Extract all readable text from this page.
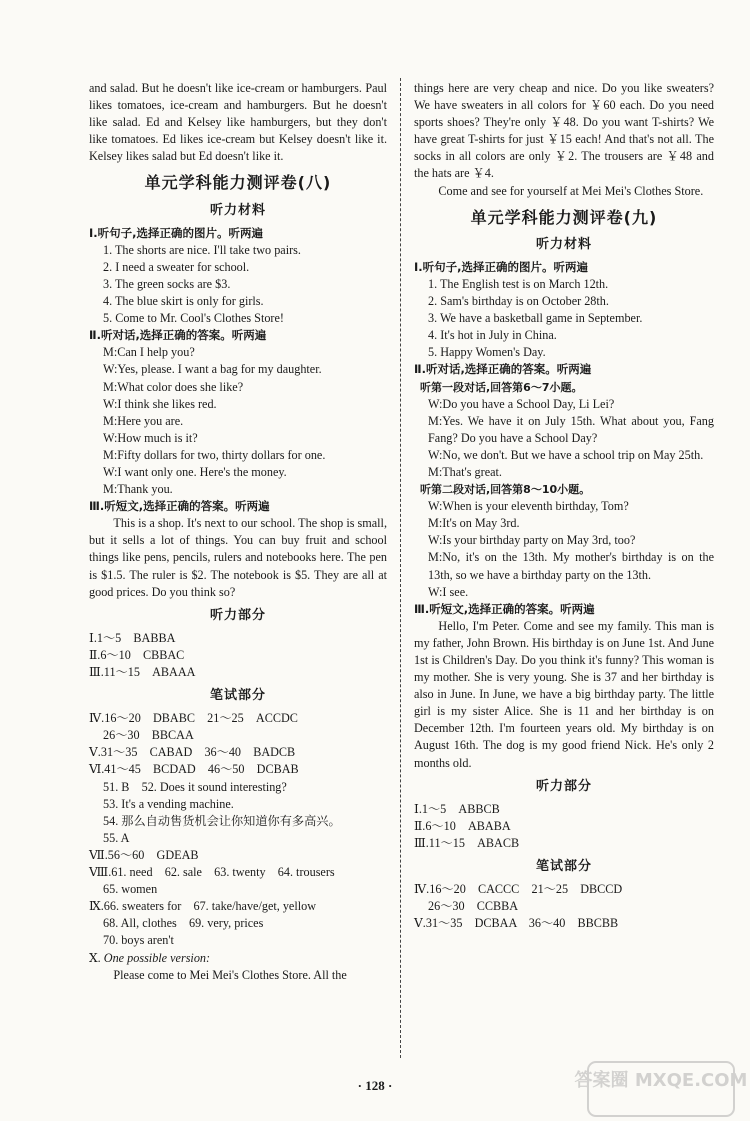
and salad. But he doesn't like ice-cream or hamburgers. Paul likes tomatoes, ice-cream and hamburgers. But he doesn't like salad. Ed and Kelsey like hamburgers, but they don't like tomatoes. Ed likes ice-cream but Kelsey doesn't like it. Kelsey likes salad but Ed doesn't like it.

单元学科能力测评卷(八)
听力材料
Ⅰ.听句子,选择正确的图片。听两遍
1. The shorts are nice. I'll take two pairs.
2. I need a sweater for school.
3. The green socks are $3.
4. The blue skirt is only for girls.
5. Come to Mr. Cool's Clothes Store!
Ⅱ.听对话,选择正确的答案。听两遍
M:Can I help you?
W:Yes, please. I want a bag for my daughter.
M:What color does she like?
W:I think she likes red.
M:Here you are.
W:How much is it?
M:Fifty dollars for two, thirty dollars for one.
W:I want only one. Here's the money.
M:Thank you.
Ⅲ.听短文,选择正确的答案。听两遍

This is a shop. It's next to our school. The shop is small, but it sells a lot of things. You can buy fruit and school things like pens, pencils, rulers and notebooks here. The pen is $1.5. The ruler is $2. The notebook is $5. They are all at good prices. Do you think so?

听力部分
Ⅰ.1～5　BABBA
Ⅱ.6～10　CBBAC
Ⅲ.11～15　ABAAA
笔试部分
Ⅳ.16～20　DBABC　21～25　ACCDC
26～30　BBCAA
Ⅴ.31～35　CABAD　36～40　BADCB
Ⅵ.41～45　BCDAD　46～50　DCBAB
51. B　52. Does it sound interesting?
53. It's a vending machine.
54. 那么自动售货机会让你知道你有多高兴。
55. A
Ⅶ.56～60　GDEAB
Ⅷ.61. need　62. sale　63. twenty　64. trousers
65. women
Ⅸ.66. sweaters for　67. take/have/get, yellow
68. All, clothes　69. very, prices
70. boys aren't
Ⅹ. One possible version:

Please come to Mei Mei's Clothes Store. All the

things here are very cheap and nice. Do you like sweaters? We have sweaters in all colors for ￥60 each. Do you need sports shoes? They're only ￥48. Do you want T-shirts? We have great T-shirts for just ￥15 each! And that's not all. The socks in all colors are only ￥2. The trousers are ￥48 and the hats are ￥4.

Come and see for yourself at Mei Mei's Clothes Store.

单元学科能力测评卷(九)
听力材料
Ⅰ.听句子,选择正确的图片。听两遍
1. The English test is on March 12th.
2. Sam's birthday is on October 28th.
3. We have a basketball game in September.
4. It's hot in July in China.
5. Happy Women's Day.
Ⅱ.听对话,选择正确的答案。听两遍
听第一段对话,回答第6～7小题。
W:Do you have a School Day, Li Lei?
M:Yes. We have it on July 15th. What about you, Fang Fang? Do you have a School Day?
W:No, we don't. But we have a school trip on May 25th.
M:That's great.
听第二段对话,回答第8～10小题。
W:When is your eleventh birthday, Tom?
M:It's on May 3rd.
W:Is your birthday party on May 3rd, too?
M:No, it's on the 13th. My mother's birthday is on the 13th, so we have a birthday party on the 13th.
W:I see.
Ⅲ.听短文,选择正确的答案。听两遍

Hello, I'm Peter. Come and see my family. This man is my father, John Brown. His birthday is on June 1st. And June 1st is Children's Day. Do you think it's funny? This woman is my mother. She is very young. She is 37 and her birthday is also in June. In June, we have a big birthday party. The little girl is my sister Alice. She is 11 and her birthday is on December 12th. I'm fourteen years old. My birthday is on August 16th. The dog is my good friend Nick. He's only 2 months old.

听力部分
Ⅰ.1～5　ABBCB
Ⅱ.6～10　ABABA
Ⅲ.11～15　ABACB
笔试部分
Ⅳ.16～20　CACCC　21～25　DBCCD
26～30　CCBBA
Ⅴ.31～35　DCBAA　36～40　BBCBB
· 128 ·	答案圈 MXQE.COM
